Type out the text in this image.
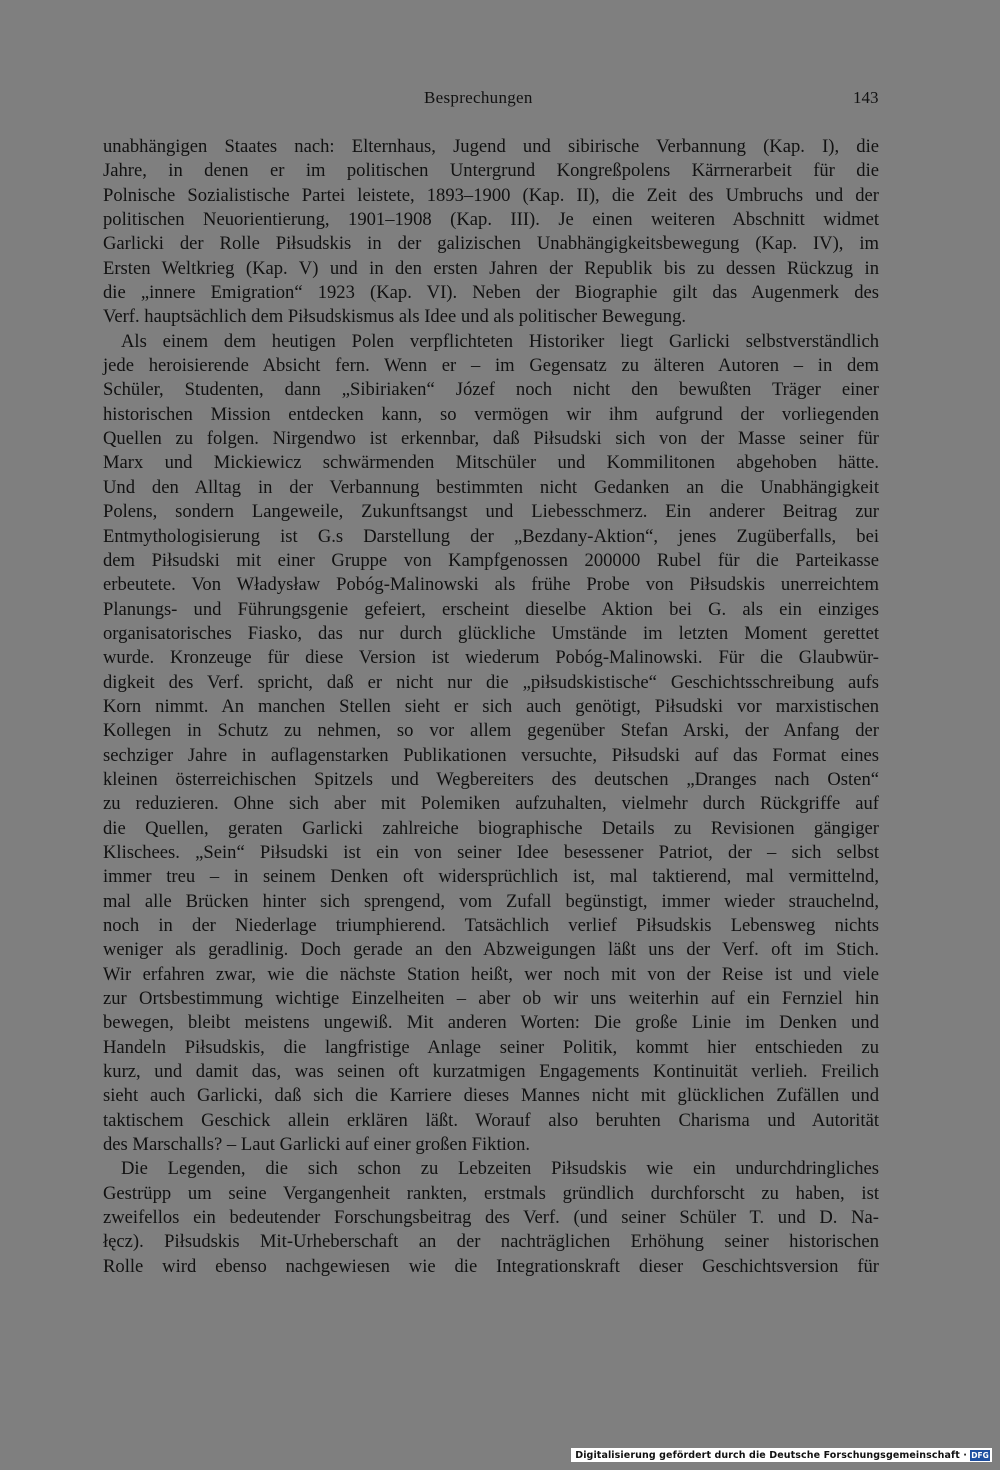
Besprechungen	143
unabhängigen Staates nach: Elternhaus, Jugend und sibirische Verbannung (Kap. I), die
Jahre, in denen er im politischen Untergrund Kongreßpolens Kärrnerarbeit für die
Polnische Sozialistische Partei leistete, 1893–1900 (Kap. II), die Zeit des Umbruchs und der
politischen Neuorientierung, 1901–1908 (Kap. III). Je einen weiteren Abschnitt widmet
Garlicki der Rolle Piłsudskis in der galizischen Unabhängigkeitsbewegung (Kap. IV), im
Ersten Weltkrieg (Kap. V) und in den ersten Jahren der Republik bis zu dessen Rückzug in
die „innere Emigration“ 1923 (Kap. VI). Neben der Biographie gilt das Augenmerk des
Verf. hauptsächlich dem Piłsudskismus als Idee und als politischer Bewegung.
Als einem dem heutigen Polen verpflichteten Historiker liegt Garlicki selbstverständlich
jede heroisierende Absicht fern. Wenn er – im Gegensatz zu älteren Autoren – in dem
Schüler, Studenten, dann „Sibiriaken“ Józef noch nicht den bewußten Träger einer
historischen Mission entdecken kann, so vermögen wir ihm aufgrund der vorliegenden
Quellen zu folgen. Nirgendwo ist erkennbar, daß Piłsudski sich von der Masse seiner für
Marx und Mickiewicz schwärmenden Mitschüler und Kommilitonen abgehoben hätte.
Und den Alltag in der Verbannung bestimmten nicht Gedanken an die Unabhängigkeit
Polens, sondern Langeweile, Zukunftsangst und Liebesschmerz. Ein anderer Beitrag zur
Entmythologisierung ist G.s Darstellung der „Bezdany-Aktion“, jenes Zugüberfalls, bei
dem Piłsudski mit einer Gruppe von Kampfgenossen 200000 Rubel für die Parteikasse
erbeutete. Von Władysław Pobóg-Malinowski als frühe Probe von Piłsudskis unerreichtem
Planungs- und Führungsgenie gefeiert, erscheint dieselbe Aktion bei G. als ein einziges
organisatorisches Fiasko, das nur durch glückliche Umstände im letzten Moment gerettet
wurde. Kronzeuge für diese Version ist wiederum Pobóg-Malinowski. Für die Glaubwür-
digkeit des Verf. spricht, daß er nicht nur die „piłsudskistische“ Geschichtsschreibung aufs
Korn nimmt. An manchen Stellen sieht er sich auch genötigt, Piłsudski vor marxistischen
Kollegen in Schutz zu nehmen, so vor allem gegenüber Stefan Arski, der Anfang der
sechziger Jahre in auflagenstarken Publikationen versuchte, Piłsudski auf das Format eines
kleinen österreichischen Spitzels und Wegbereiters des deutschen „Dranges nach Osten“
zu reduzieren. Ohne sich aber mit Polemiken aufzuhalten, vielmehr durch Rückgriffe auf
die Quellen, geraten Garlicki zahlreiche biographische Details zu Revisionen gängiger
Klischees. „Sein“ Piłsudski ist ein von seiner Idee besessener Patriot, der – sich selbst
immer treu – in seinem Denken oft widersprüchlich ist, mal taktierend, mal vermittelnd,
mal alle Brücken hinter sich sprengend, vom Zufall begünstigt, immer wieder strauchelnd,
noch in der Niederlage triumphierend. Tatsächlich verlief Piłsudskis Lebensweg nichts
weniger als geradlinig. Doch gerade an den Abzweigungen läßt uns der Verf. oft im Stich.
Wir erfahren zwar, wie die nächste Station heißt, wer noch mit von der Reise ist und viele
zur Ortsbestimmung wichtige Einzelheiten – aber ob wir uns weiterhin auf ein Fernziel hin
bewegen, bleibt meistens ungewiß. Mit anderen Worten: Die große Linie im Denken und
Handeln Piłsudskis, die langfristige Anlage seiner Politik, kommt hier entschieden zu
kurz, und damit das, was seinen oft kurzatmigen Engagements Kontinuität verlieh. Freilich
sieht auch Garlicki, daß sich die Karriere dieses Mannes nicht mit glücklichen Zufällen und
taktischem Geschick allein erklären läßt. Worauf also beruhten Charisma und Autorität
des Marschalls? – Laut Garlicki auf einer großen Fiktion.
Die Legenden, die sich schon zu Lebzeiten Piłsudskis wie ein undurchdringliches
Gestrüpp um seine Vergangenheit rankten, erstmals gründlich durchforscht zu haben, ist
zweifellos ein bedeutender Forschungsbeitrag des Verf. (und seiner Schüler T. und D. Na-
łęcz). Piłsudskis Mit-Urheberschaft an der nachträglichen Erhöhung seiner historischen
Rolle wird ebenso nachgewiesen wie die Integrationskraft dieser Geschichtsversion für
Digitalisierung gefördert durch die Deutsche Forschungsgemeinschaft · DFG
